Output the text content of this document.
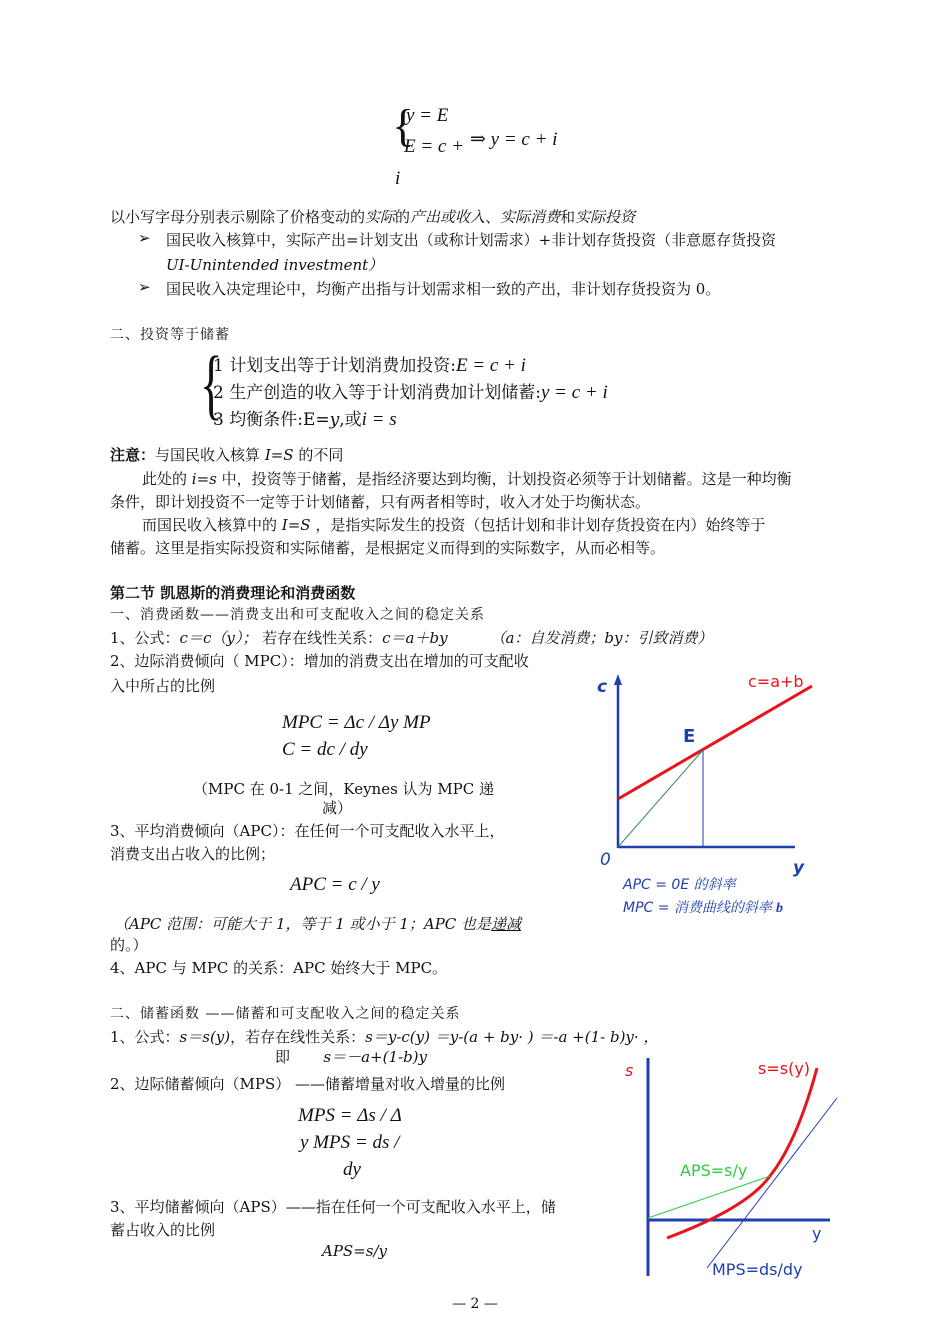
{
y = E
E = c + ⇒ y = c + i
i
以小写字母分别表示剔除了价格变动的实际的产出或收入、实际消费和实际投资
➢ 国民收入核算中，实际产出=计划支出（或称计划需求）+非计划存货投资（非意愿存货投资
UI-Unintended investment）
➢ 国民收入决定理论中，均衡产出指与计划需求相一致的产出，非计划存货投资为 0。
二、投资等于储蓄
{
1 计划支出等于计划消费加投资:E = c + i
2 生产创造的收入等于计划消费加计划储蓄:y = c + i
3 均衡条件:E=y,或i = s
注意：与国民收入核算 I=S 的不同
此处的 i=s 中，投资等于储蓄，是指经济要达到均衡，计划投资必须等于计划储蓄。这是一种均衡
条件，即计划投资不一定等于计划储蓄，只有两者相等时，收入才处于均衡状态。
而国民收入核算中的 I=S ，是指实际发生的投资（包括计划和非计划存货投资在内）始终等于
储蓄。这里是指实际投资和实际储蓄，是根据定义而得到的实际数字，从而必相等。
第二节 凯恩斯的消费理论和消费函数
一、消费函数——消费支出和可支配收入之间的稳定关系
1、公式：c＝c（y）； 若存在线性关系：c＝a＋by	（a：自发消费；by：引致消费）
2、边际消费倾向（ MPC）：增加的消费支出在增加的可支配收
入中所占的比例
MPC = Δc / Δy MP
C = dc / dy
（MPC 在 0-1 之间，Keynes 认为 MPC 递
减）
3、平均消费倾向（APC）：在任何一个可支配收入水平上，
消费支出占收入的比例；
APC = c / y
（APC 范围：可能大于 1，等于 1 或小于 1；APC 也是递减
的。）
4、APC 与 MPC 的关系：APC 始终大于 MPC。
c
0	y
c=a+b
E
APC = 0E 的斜率
MPC = 消费曲线的斜率 b
二、储蓄函数 ——储蓄和可支配收入之间的稳定关系
1、公式：s＝s(y)，若存在线性关系：s＝y-c(y) ＝y-(a + by· ) ＝-a +(1- b)y· ，
即 s＝－a+(1-b)y
2、边际储蓄倾向（MPS） ——储蓄增量对收入增量的比例
MPS = Δs / Δ
y MPS = ds /
dy
3、平均储蓄倾向（APS）——指在任何一个可支配收入水平上，储
蓄占收入的比例
APS=s/y
s
y
s=s(y)
APS=s/y
MPS=ds/dy
— 2 —
